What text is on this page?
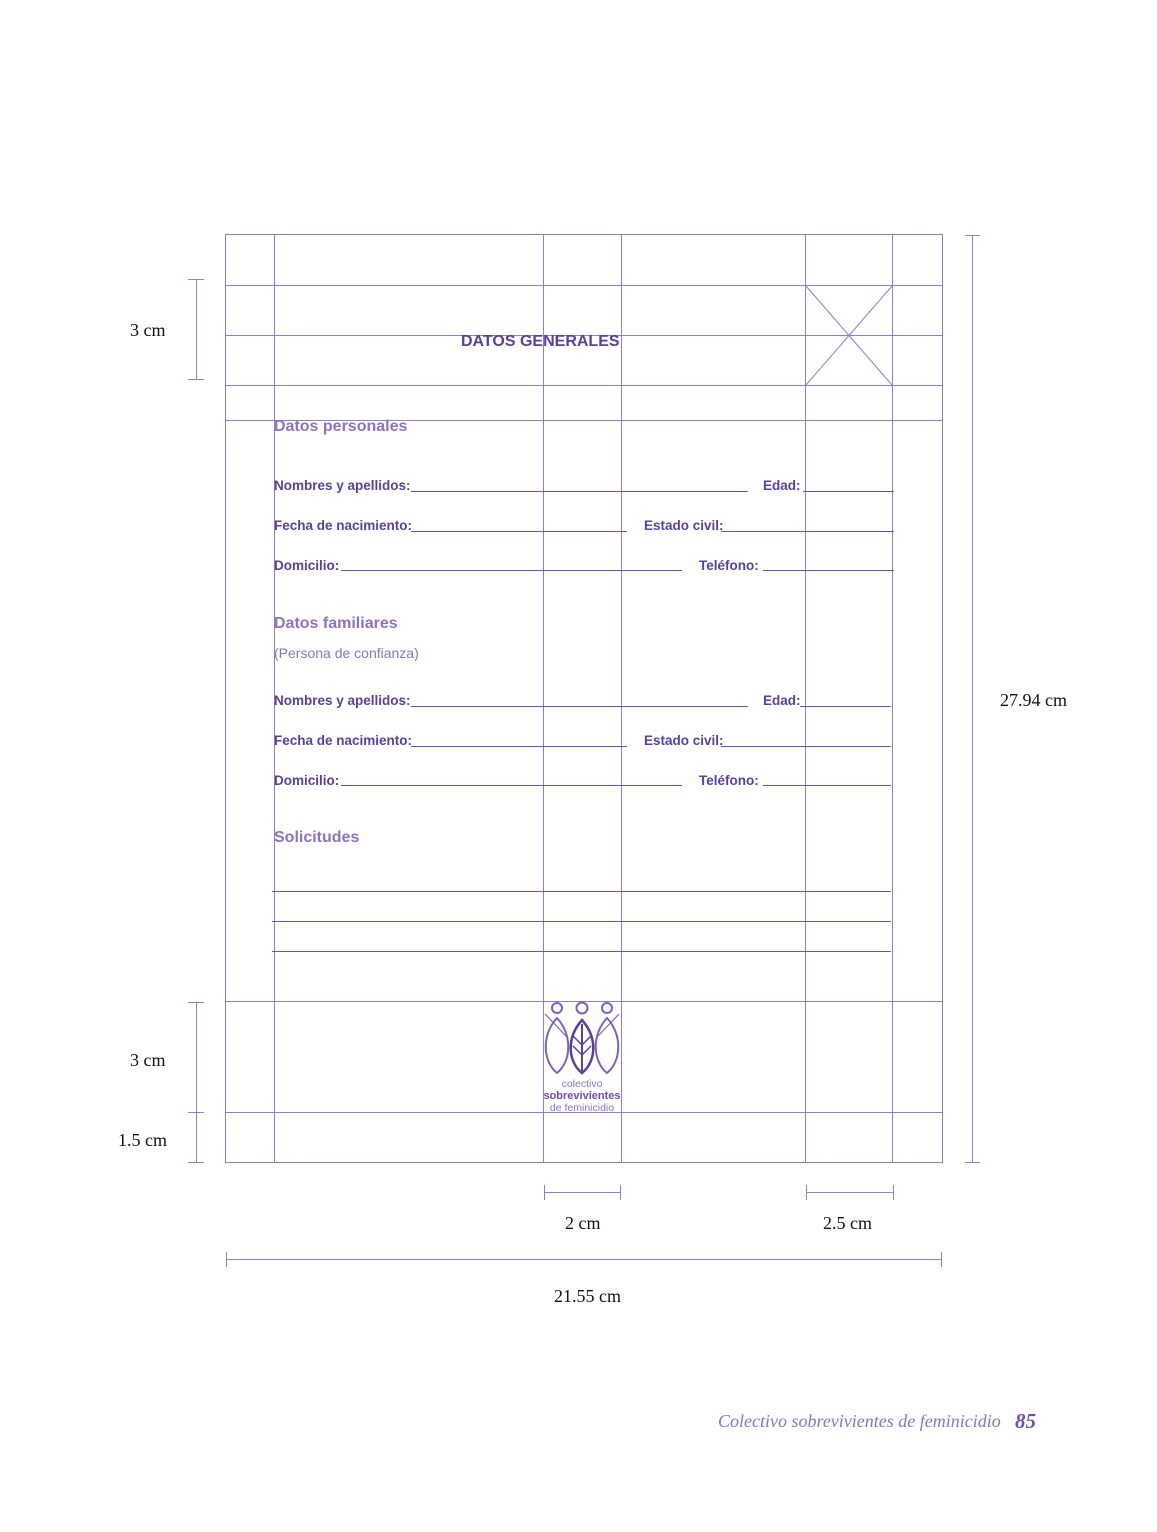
DATOS GENERALES
Datos personales
Nombres y apellidos:	Edad:
Fecha de nacimiento:	Estado civil:
Domicilio:	Teléfono:
Datos familiares
(Persona de confianza)
Nombres y apellidos:	Edad:
Fecha de nacimiento:	Estado civil:
Domicilio:	Teléfono:
Solicitudes
colectivo
sobrevivientes
de feminicidio
3 cm
3 cm
1.5 cm
27.94 cm
2 cm	2.5 cm
21.55 cm
Colectivo sobrevivientes de feminicidio 85
